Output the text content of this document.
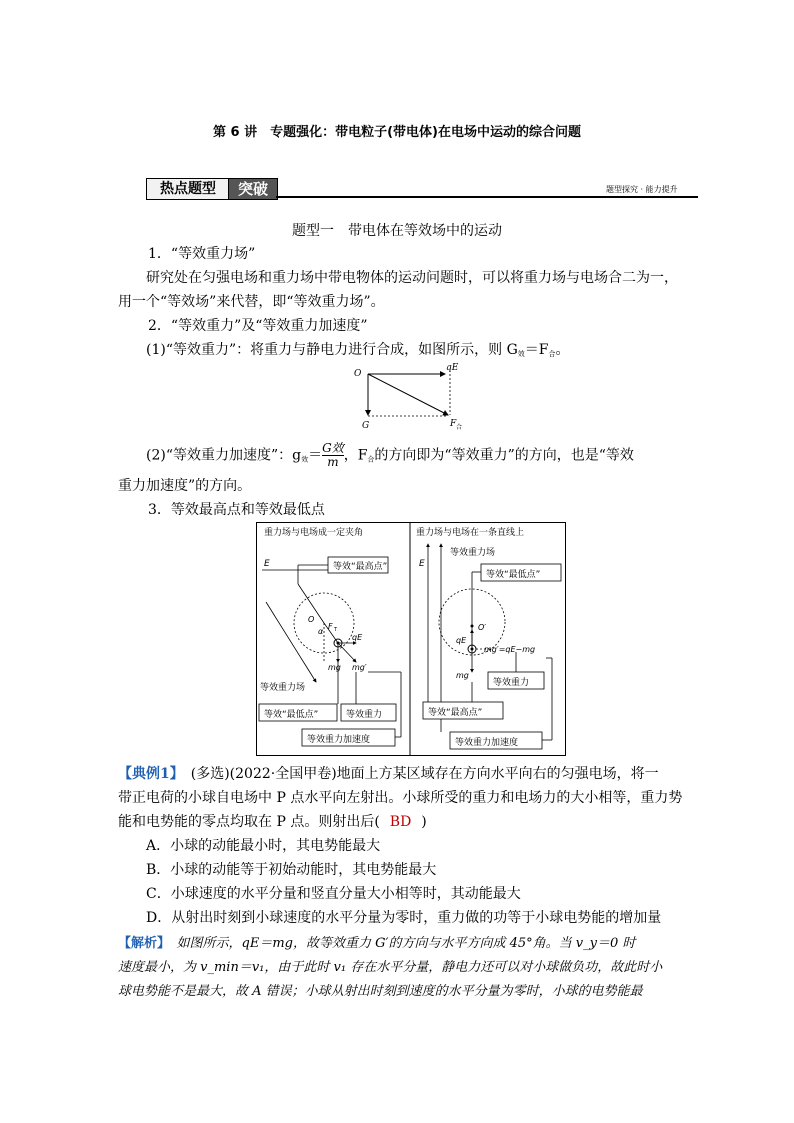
第 6 讲　专题强化：带电粒子(带电体)在电场中运动的综合问题
热点题型	突破	题型探究 · 能力提升
题型一　带电体在等效场中的运动
1．“等效重力场”
研究处在匀强电场和重力场中带电物体的运动问题时，可以将重力场与电场合二为一，
用一个“等效场”来代替，即“等效重力场”。
2．“等效重力”及“等效重力加速度”
(1)“等效重力”：将重力与静电力进行合成，如图所示，则 $G_效=F_合$。
O
qE
G	F 合
(2)“等效重力加速度”：$g_效= G$效
m ，$F_合$的方向即为“等效重力”的方向，也是“等效
重力加速度”的方向。
3．等效最高点和等效最低点
重力场与电场成一定夹角
E
O
F T
α
qE
mg mg′
等效“最高点”
等效重力场
等效“最低点”	等效重力
等效重力加速度
重力场与电场在一条直线上
E
等效重力场
O′
qE
mg
mg′=qE−mg
等效“最低点”
等效重力
等效“最高点”
等效重力加速度
【典例1】　(多选)(2022·全国甲卷)地面上方某区域存在方向水平向右的匀强电场，将一
带正电荷的小球自电场中 P 点水平向左射出。小球所受的重力和电场力的大小相等，重力势
能和电势能的零点均取在 P 点。则射出后( BD )
A．小球的动能最小时，其电势能最大
B．小球的动能等于初始动能时，其电势能最大
C．小球速度的水平分量和竖直分量大小相等时，其动能最大
D．从射出时刻到小球速度的水平分量为零时，重力做的功等于小球电势能的增加量
【解析】　如图所示，qE＝mg，故等效重力 G′的方向与水平方向成 45°角。当 v_y＝0 时
速度最小，为 v_min＝v₁，由于此时 v₁ 存在水平分量，静电力还可以对小球做负功，故此时小
球电势能不是最大，故 A 错误；小球从射出时刻到速度的水平分量为零时，小球的电势能最
